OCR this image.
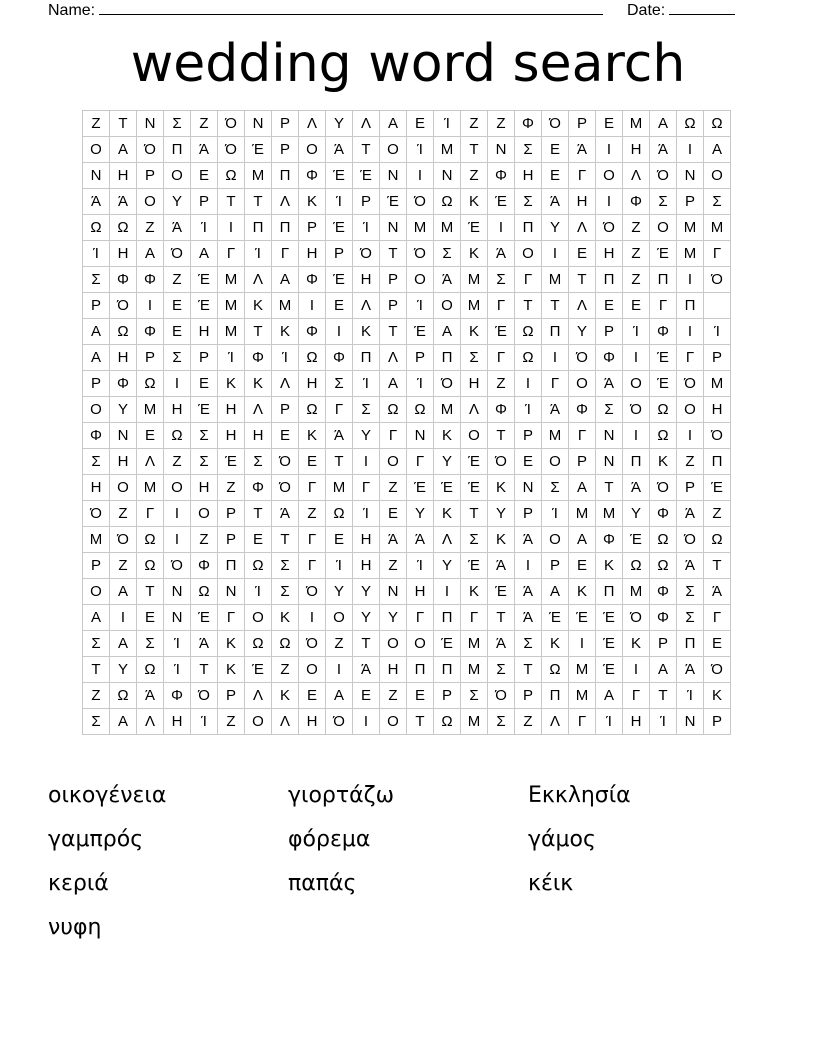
Name:	Date:
wedding word search
Ζ	Τ	Ν	Σ	Ζ	Ό	Ν	Ρ	Λ	Υ	Λ	Α	Ε	Ί	Ζ	Ζ	Φ	Ό	Ρ	Ε	Μ	Α	Ω	Ω
Ο	Α	Ό	Π	Ά	Ό	Έ	Ρ	Ο	Ά	Τ	Ο	Ί	Μ	Τ	Ν	Σ	Ε	Ά	Ι	Η	Ά	Ι	Α
Ν	Η	Ρ	Ο	Ε	Ω	Μ	Π	Φ	Έ	Έ	Ν	Ι	Ν	Ζ	Φ	Η	Ε	Γ	Ο	Λ	Ό	Ν	Ο
Ά	Ά	Ο	Υ	Ρ	Τ	Τ	Λ	Κ	Ί	Ρ	Έ	Ό	Ω	Κ	Έ	Σ	Ά	Η	Ι	Φ	Σ	Ρ	Σ
Ω	Ω	Ζ	Ά	Ί	Ι	Π	Π	Ρ	Έ	Ί	Ν	Μ	Μ	Έ	Ι	Π	Υ	Λ	Ό	Ζ	Ο	Μ	Μ
Ί	Η	Α	Ό	Α	Γ	Ί	Γ	Η	Ρ	Ό	Τ	Ό	Σ	Κ	Ά	Ο	Ι	Ε	Η	Ζ	Έ	Μ	Γ
Σ	Φ	Φ	Ζ	Έ	Μ	Λ	Α	Φ	Έ	Η	Ρ	Ο	Ά	Μ	Σ	Γ	Μ	Τ	Π	Ζ	Π	Ι	Ό
Ρ	Ό	Ι	Ε	Έ	Μ	Κ	Μ	Ι	Ε	Λ	Ρ	Ί	Ο	Μ	Γ	Τ	Τ	Λ	Ε	Ε	Γ	Π	
Α	Ω	Φ	Ε	Η	Μ	Τ	Κ	Φ	Ι	Κ	Τ	Έ	Α	Κ	Έ	Ω	Π	Υ	Ρ	Ί	Φ	Ι	Ί
Α	Η	Ρ	Σ	Ρ	Ί	Φ	Ί	Ω	Φ	Π	Λ	Ρ	Π	Σ	Γ	Ω	Ι	Ό	Φ	Ι	Έ	Γ	Ρ
Ρ	Φ	Ω	Ι	Ε	Κ	Κ	Λ	Η	Σ	Ί	Α	Ί	Ό	Η	Ζ	Ι	Γ	Ο	Ά	Ο	Έ	Ό	Μ
Ο	Υ	Μ	Η	Έ	Η	Λ	Ρ	Ω	Γ	Σ	Ω	Ω	Μ	Λ	Φ	Ί	Ά	Φ	Σ	Ό	Ω	Ο	Η
Φ	Ν	Ε	Ω	Σ	Η	Η	Ε	Κ	Ά	Υ	Γ	Ν	Κ	Ο	Τ	Ρ	Μ	Γ	Ν	Ι	Ω	Ι	Ό
Σ	Η	Λ	Ζ	Σ	Έ	Σ	Ό	Ε	Τ	Ι	Ο	Γ	Υ	Έ	Ό	Ε	Ο	Ρ	Ν	Π	Κ	Ζ	Π
Η	Ο	Μ	Ο	Η	Ζ	Φ	Ό	Γ	Μ	Γ	Ζ	Έ	Έ	Έ	Κ	Ν	Σ	Α	Τ	Ά	Ό	Ρ	Έ
Ό	Ζ	Γ	Ι	Ο	Ρ	Τ	Ά	Ζ	Ω	Ί	Ε	Υ	Κ	Τ	Υ	Ρ	Ί	Μ	Μ	Υ	Φ	Ά	Ζ
Μ	Ό	Ω	Ι	Ζ	Ρ	Ε	Τ	Γ	Ε	Η	Ά	Ά	Λ	Σ	Κ	Ά	Ο	Α	Φ	Έ	Ω	Ό	Ω
Ρ	Ζ	Ω	Ό	Φ	Π	Ω	Σ	Γ	Ί	Η	Ζ	Ί	Υ	Έ	Ά	Ι	Ρ	Ε	Κ	Ω	Ω	Ά	Τ
Ο	Α	Τ	Ν	Ω	Ν	Ί	Σ	Ό	Υ	Υ	Ν	Η	Ι	Κ	Έ	Ά	Α	Κ	Π	Μ	Φ	Σ	Ά
Α	Ι	Ε	Ν	Έ	Γ	Ο	Κ	Ι	Ο	Υ	Υ	Γ	Π	Γ	Τ	Ά	Έ	Έ	Έ	Ό	Φ	Σ	Γ
Σ	Α	Σ	Ί	Ά	Κ	Ω	Ω	Ό	Ζ	Τ	Ο	Ο	Έ	Μ	Ά	Σ	Κ	Ι	Έ	Κ	Ρ	Π	Ε
Τ	Υ	Ω	Ί	Τ	Κ	Έ	Ζ	Ο	Ι	Ά	Η	Π	Π	Μ	Σ	Τ	Ω	Μ	Έ	Ι	Α	Ά	Ό
Ζ	Ω	Ά	Φ	Ό	Ρ	Λ	Κ	Ε	Α	Ε	Ζ	Ε	Ρ	Σ	Ό	Ρ	Π	Μ	Α	Γ	Τ	Ί	Κ
Σ	Α	Λ	Η	Ί	Ζ	Ο	Λ	Η	Ό	Ι	Ο	Τ	Ω	Μ	Σ	Ζ	Λ	Γ	Ί	Η	Ί	Ν	Ρ
οικογένεια	γιορτάζω	Εκκλησία
γαμπρός	φόρεμα	γάμος
κεριά	παπάς	κέικ
νυφη
